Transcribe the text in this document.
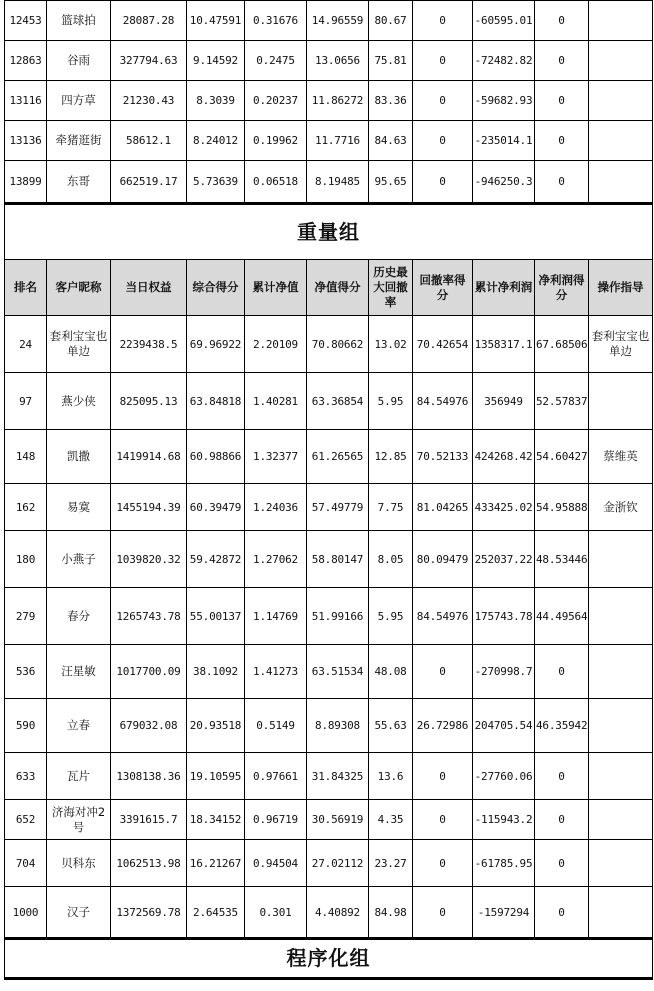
12453	篮球拍	28087.28	10.47591	0.31676	14.96559	80.67	0	-60595.01	0	
12863	谷雨	327794.63	9.14592	0.2475	13.0656	75.81	0	-72482.82	0	
13116	四方草	21230.43	8.3039	0.20237	11.86272	83.36	0	-59682.93	0	
13136	牵猪逛街	58612.1	8.24012	0.19962	11.7716	84.63	0	-235014.1	0	
13899	东哥	662519.17	5.73639	0.06518	8.19485	95.65	0	-946250.3	0	
重量组										
排名	客户昵称	当日权益	综合得分	累计净值	净值得分	历史最大回撤率	回撤率得分	累计净利润	净利润得分	操作指导
24	套利宝宝也单边	2239438.5	69.96922	2.20109	70.80662	13.02	70.42654	1358317.1	67.68506	套利宝宝也单边
97	燕少侠	825095.13	63.84818	1.40281	63.36854	5.95	84.54976	356949	52.57837	
148	凯撒	1419914.68	60.98866	1.32377	61.26565	12.85	70.52133	424268.42	54.60427	蔡维英
162	易寞	1455194.39	60.39479	1.24036	57.49779	7.75	81.04265	433425.02	54.95888	金浙钦
180	小燕子	1039820.32	59.42872	1.27062	58.80147	8.05	80.09479	252037.22	48.53446	
279	春分	1265743.78	55.00137	1.14769	51.99166	5.95	84.54976	175743.78	44.49564	
536	汪星敏	1017700.09	38.1092	1.41273	63.51534	48.08	0	-270998.7	0	
590	立春	679032.08	20.93518	0.5149	8.89308	55.63	26.72986	204705.54	46.35942	
633	瓦片	1308138.36	19.10595	0.97661	31.84325	13.6	0	-27760.06	0	
652	济海对冲2号	3391615.7	18.34152	0.96719	30.56919	4.35	0	-115943.2	0	
704	贝科东	1062513.98	16.21267	0.94504	27.02112	23.27	0	-61785.95	0	
1000	汉子	1372569.78	2.64535	0.301	4.40892	84.98	0	-1597294	0	
程序化组										
